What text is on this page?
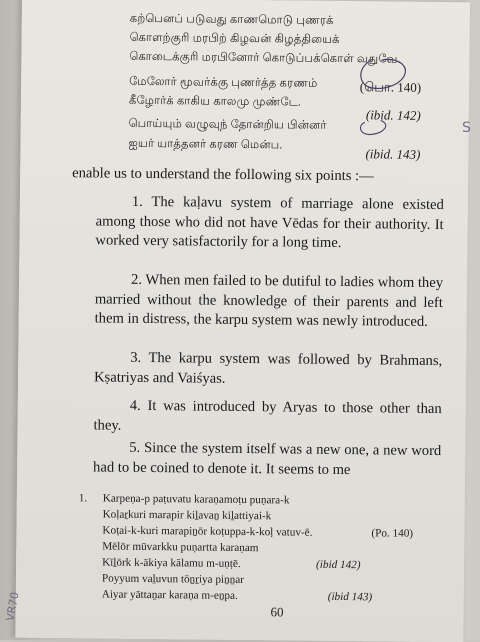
கற்பெனப் படுவது காணமொடு புணரக்
கொளற்குரி மரபிற் கிழவன் கிழத்தியைக்
கொடைக்குரி மரபினோர் கொடுப்பக்கொள் வதுவே.
(பொ. 140)
மேலோர் மூவர்க்கு புணர்த்த கரணம்
கீழோர்க் காகிய காலமு முண்டே.
(ibid. 142)
பொய்யும் வழுவுந் தோன்றிய பின்னர்
ஐயர் யாத்தனர் கரண மென்ப.
(ibid. 143)
enable us to understand the following six points :—
1. The kaḷavu system of marriage alone existed among those who did not have Vēdas for their authority. It worked very satisfactorily for a long time.
2. When men failed to be dutiful to ladies whom they married without the knowledge of their parents and left them in distress, the karpu system was newly introduced.
3. The karpu system was followed by Brahmans, Kṣatriyas and Vaiśyas.
4. It was introduced by Aryas to those other than they.
5. Since the system itself was a new one, a new word had to be coined to denote it. It seems to me
1. Karpeṇa-p paṭuvatu karaṇamoṭu puṇara-k
Koḷaṟkuri marapir kiḻavaṉ kiḻattiyai-k
Koṭai-k-kuri marapiṉōr koṭuppa-k-koḷ vatuv-ē.	(Po. 140)
Mēlōr mūvarkku puṇartta karaṇam
Kīḻōrk k-ākiya kālamu m-uṇṭē.	(ibid 142)
Poyyum vaḻuvun tōṉṟiya piṉṉar
Aiyar yāttaṉar karaṇa m-eṉpa.	(ibid 143)
60
S
VR70
